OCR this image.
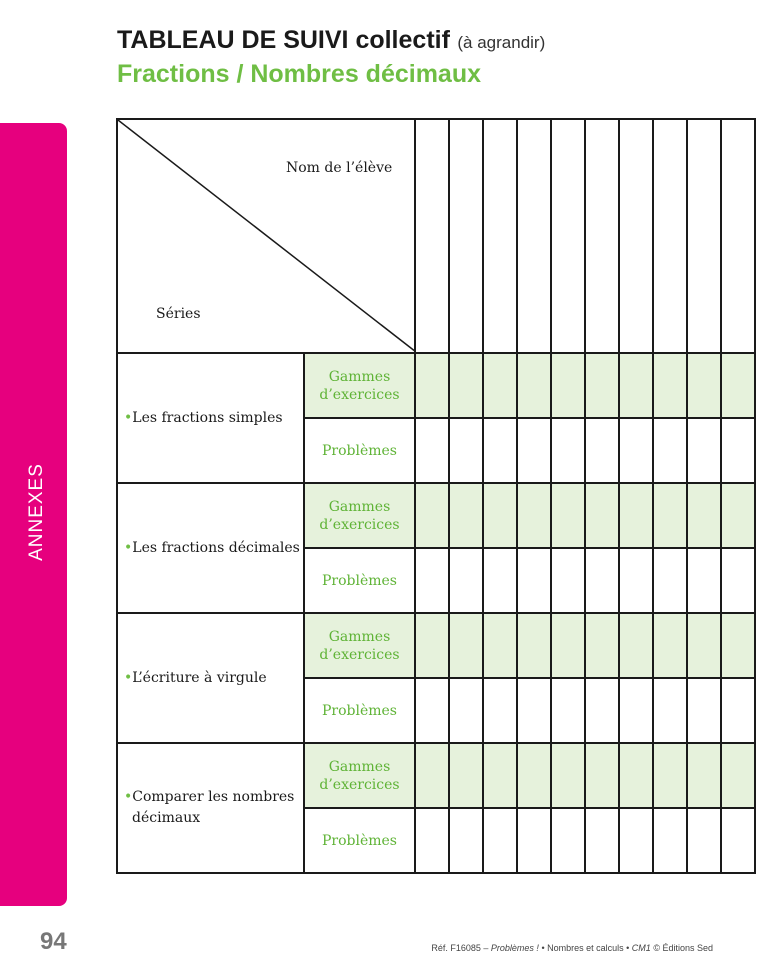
TABLEAU DE SUIVI collectif (à agrandir)
Fractions / Nombres décimaux
ANNEXES
Nom de l’élève
Séries											

•Les fractions simples	Gammes
d’exercices										
	Problèmes										

•Les fractions décimales	Gammes
d’exercices										
	Problèmes										

•L’écriture à virgule	Gammes
d’exercices										
	Problèmes										

•Comparer les nombres
décimaux	Gammes
d’exercices										
	Problèmes										
94	Réf. F16085 – Problèmes ! • Nombres et calculs • CM1 © Éditions Sed
